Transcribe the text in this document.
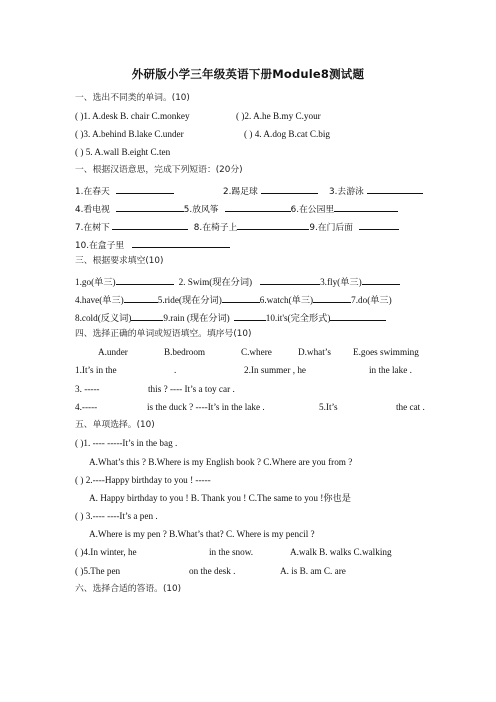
外研版小学三年级英语下册Module8测试题
一、选出不同类的单词。(10)
( )1. A.desk B. chair C.monkey	( )2. A.he B.my C.your
( )3. A.behind B.lake C.under	( ) 4. A.dog B.cat C.big
( ) 5. A.wall B.eight C.ten
一、根据汉语意思，完成下列短语：(20分)
1.在春天	2.踢足球	3.去游泳
4.看电视	5.放风筝	6.在公园里
7.在树下	8.在椅子上	9.在门后面
10.在盒子里
三、根据要求填空(10)
1.go(单三)	2. Swim(现在分词)	3.fly(单三)
4.have(单三)	5.ride(现在分词)	6.watch(单三)	7.do(单三)
8.cold(反义词)	9.rain (现在分词)	10.it's(完全形式)
四、选择正确的单词或短语填空。填序号(10)
A.under	B.bedroom	C.where	D.what’s E.goes swimming
1.It’s in the	.	2.In summer , he	in the lake .
3. -----	this ? ---- It’s a toy car .
4.-----	is the duck ? ----It’s in the lake .	5.It’s	the cat .
五、单项选择。(10)
( )1. ---- -----It’s in the bag .
A.What’s this ? B.Where is my English book ? C.Where are you from ?
( ) 2.----Happy birthday to you ! -----
A. Happy birthday to you ! B. Thank you ! C.The same to you !你也是
( ) 3.---- ----It’s a pen .
A.Where is my pen ? B.What’s that? C. Where is my pencil ?
( )4.In winter, he	in the snow.	A.walk B. walks C.walking
( )5.The pen	on the desk .	A. is B. am C. are
六、选择合适的答语。(10)
